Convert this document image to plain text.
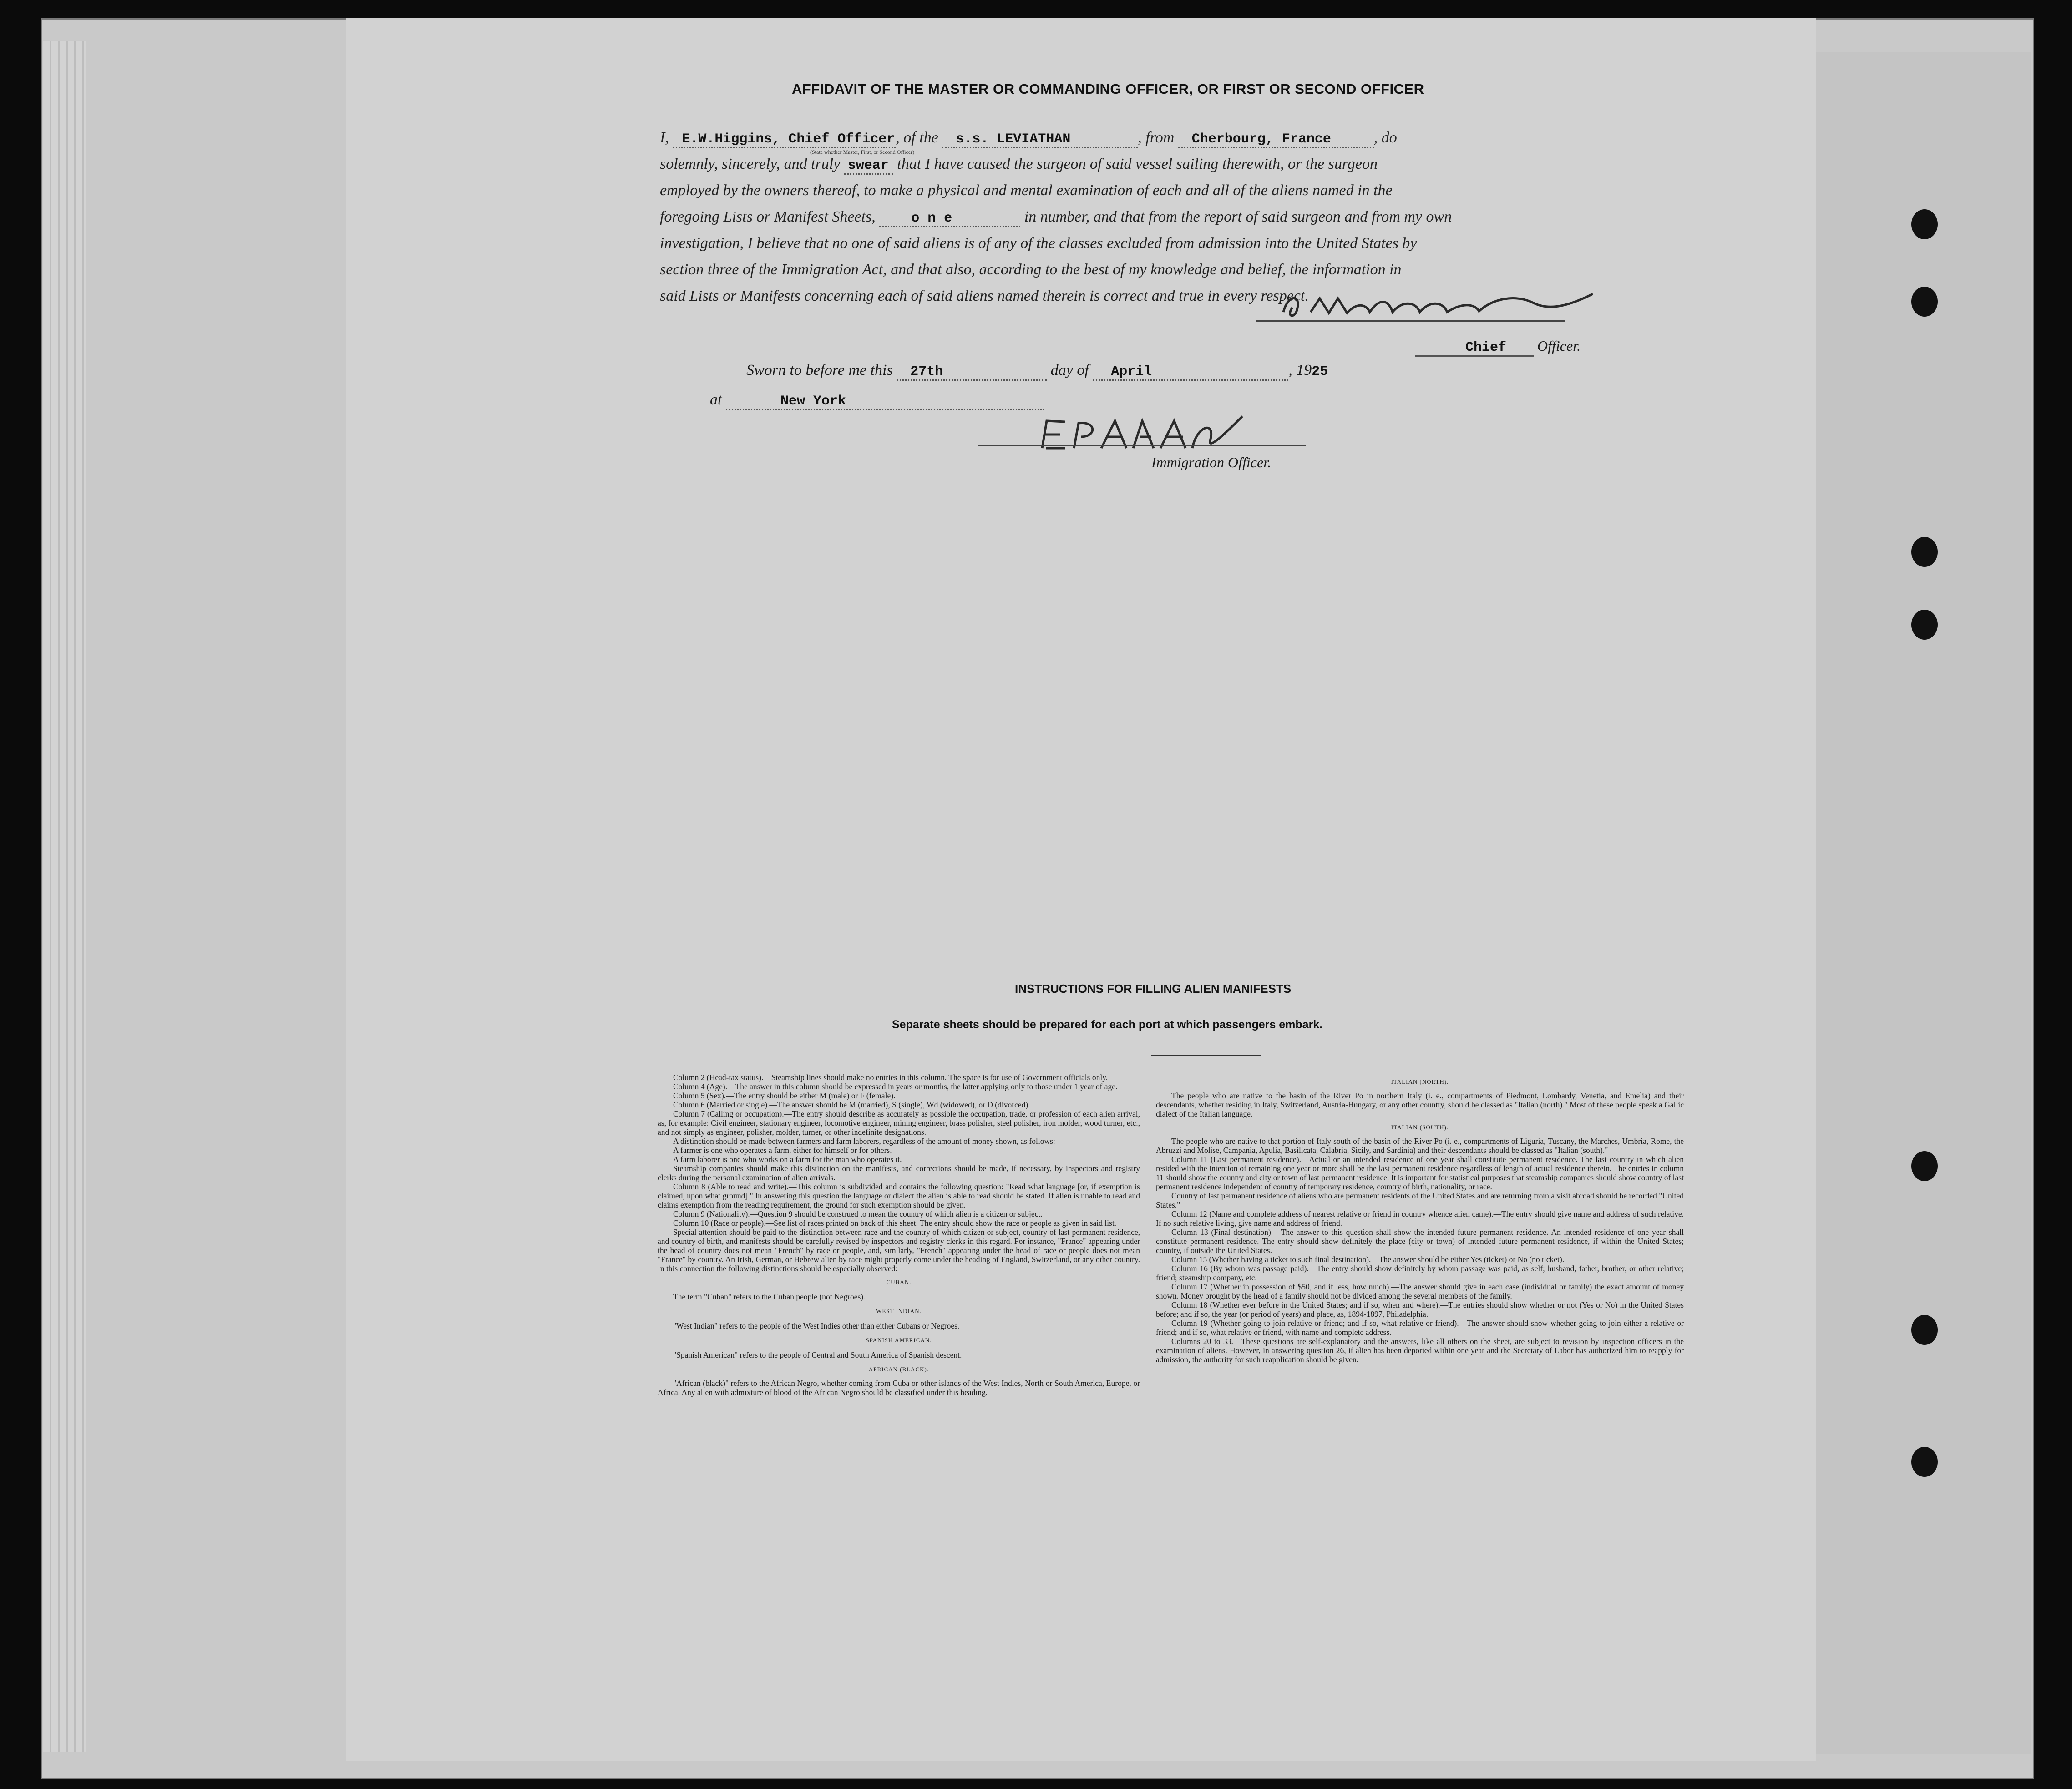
AFFIDAVIT OF THE MASTER OR COMMANDING OFFICER, OR FIRST OR SECOND OFFICER
I, E.W.Higgins, Chief Officer, of the s.s. LEVIATHAN	, from Cherbourg, France	, do
(State whether Master, First, or Second Officer)
solemnly, sincerely, and truly swear that I have caused the surgeon of said vessel sailing therewith, or the surgeon
employed by the owners thereof, to make a physical and mental examination of each and all of the aliens named in the
foregoing Lists or Manifest Sheets,	o n e	in number, and that from the report of said surgeon and from my own
investigation, I believe that no one of said aliens is of any of the classes excluded from admission into the United States by
section three of the Immigration Act, and that also, according to the best of my knowledge and belief, the information in
said Lists or Manifests concerning each of said aliens named therein is correct and true in every respect.
Chief Officer.
Sworn to before me this 27th	day of April	, 1925
at	New York
Immigration Officer.
INSTRUCTIONS FOR FILLING ALIEN MANIFESTS
Separate sheets should be prepared for each port at which passengers embark.

Column 2 (Head-tax status).—Steamship lines should make no entries in this column. The space is for use of Government officials only.

Column 4 (Age).—The answer in this column should be expressed in years or months, the latter applying only to those under 1 year of age.

Column 5 (Sex).—The entry should be either M (male) or F (female).

Column 6 (Married or single).—The answer should be M (married), S (single), Wd (widowed), or D (divorced).

Column 7 (Calling or occupation).—The entry should describe as accurately as possible the occupation, trade, or profession of each alien arrival, as, for example: Civil engineer, stationary engineer, locomotive engineer, mining engineer, brass polisher, steel polisher, iron molder, wood turner, etc., and not simply as engineer, polisher, molder, turner, or other indefinite designations.

A distinction should be made between farmers and farm laborers, regardless of the amount of money shown, as follows:

A farmer is one who operates a farm, either for himself or for others.

A farm laborer is one who works on a farm for the man who operates it.

Steamship companies should make this distinction on the manifests, and corrections should be made, if necessary, by inspectors and registry clerks during the personal examination of alien arrivals.

Column 8 (Able to read and write).—This column is subdivided and contains the following question: "Read what language [or, if exemption is claimed, upon what ground]." In answering this question the language or dialect the alien is able to read should be stated. If alien is unable to read and claims exemption from the reading requirement, the ground for such exemption should be given.

Column 9 (Nationality).—Question 9 should be construed to mean the country of which alien is a citizen or subject.

Column 10 (Race or people).—See list of races printed on back of this sheet. The entry should show the race or people as given in said list.

Special attention should be paid to the distinction between race and the country of which citizen or subject, country of last permanent residence, and country of birth, and manifests should be carefully revised by inspectors and registry clerks in this regard. For instance, "France" appearing under the head of country does not mean "French" by race or people, and, similarly, "French" appearing under the head of race or people does not mean "France" by country. An Irish, German, or Hebrew alien by race might properly come under the heading of England, Switzerland, or any other country. In this connection the following distinctions should be especially observed:

CUBAN.

The term "Cuban" refers to the Cuban people (not Negroes).

WEST INDIAN.

"West Indian" refers to the people of the West Indies other than either Cubans or Negroes.

SPANISH AMERICAN.

"Spanish American" refers to the people of Central and South America of Spanish descent.

AFRICAN (BLACK).

"African (black)" refers to the African Negro, whether coming from Cuba or other islands of the West Indies, North or South America, Europe, or Africa. Any alien with admixture of blood of the African Negro should be classified under this heading.

ITALIAN (NORTH).

The people who are native to the basin of the River Po in northern Italy (i. e., compartments of Piedmont, Lombardy, Venetia, and Emelia) and their descendants, whether residing in Italy, Switzerland, Austria-Hungary, or any other country, should be classed as "Italian (north)." Most of these people speak a Gallic dialect of the Italian language.

ITALIAN (SOUTH).

The people who are native to that portion of Italy south of the basin of the River Po (i. e., compartments of Liguria, Tuscany, the Marches, Umbria, Rome, the Abruzzi and Molise, Campania, Apulia, Basilicata, Calabria, Sicily, and Sardinia) and their descendants should be classed as "Italian (south)."

Column 11 (Last permanent residence).—Actual or an intended residence of one year shall constitute permanent residence. The last country in which alien resided with the intention of remaining one year or more shall be the last permanent residence regardless of length of actual residence therein. The entries in column 11 should show the country and city or town of last permanent residence. It is important for statistical purposes that steamship companies should show country of last permanent residence independent of country of temporary residence, country of birth, nationality, or race.

Country of last permanent residence of aliens who are permanent residents of the United States and are returning from a visit abroad should be recorded "United States."

Column 12 (Name and complete address of nearest relative or friend in country whence alien came).—The entry should give name and address of such relative. If no such relative living, give name and address of friend.

Column 13 (Final destination).—The answer to this question shall show the intended future permanent residence. An intended residence of one year shall constitute permanent residence. The entry should show definitely the place (city or town) of intended future permanent residence, if within the United States; country, if outside the United States.

Column 15 (Whether having a ticket to such final destination).—The answer should be either Yes (ticket) or No (no ticket).

Column 16 (By whom was passage paid).—The entry should show definitely by whom passage was paid, as self; husband, father, brother, or other relative; friend; steamship company, etc.

Column 17 (Whether in possession of $50, and if less, how much).—The answer should give in each case (individual or family) the exact amount of money shown. Money brought by the head of a family should not be divided among the several members of the family.

Column 18 (Whether ever before in the United States; and if so, when and where).—The entries should show whether or not (Yes or No) in the United States before; and if so, the year (or period of years) and place, as, 1894-1897, Philadelphia.

Column 19 (Whether going to join relative or friend; and if so, what relative or friend).—The answer should show whether going to join either a relative or friend; and if so, what relative or friend, with name and complete address.

Columns 20 to 33.—These questions are self-explanatory and the answers, like all others on the sheet, are subject to revision by inspection officers in the examination of aliens. However, in answering question 26, if alien has been deported within one year and the Secretary of Labor has authorized him to reapply for admission, the authority for such reapplication should be given.
